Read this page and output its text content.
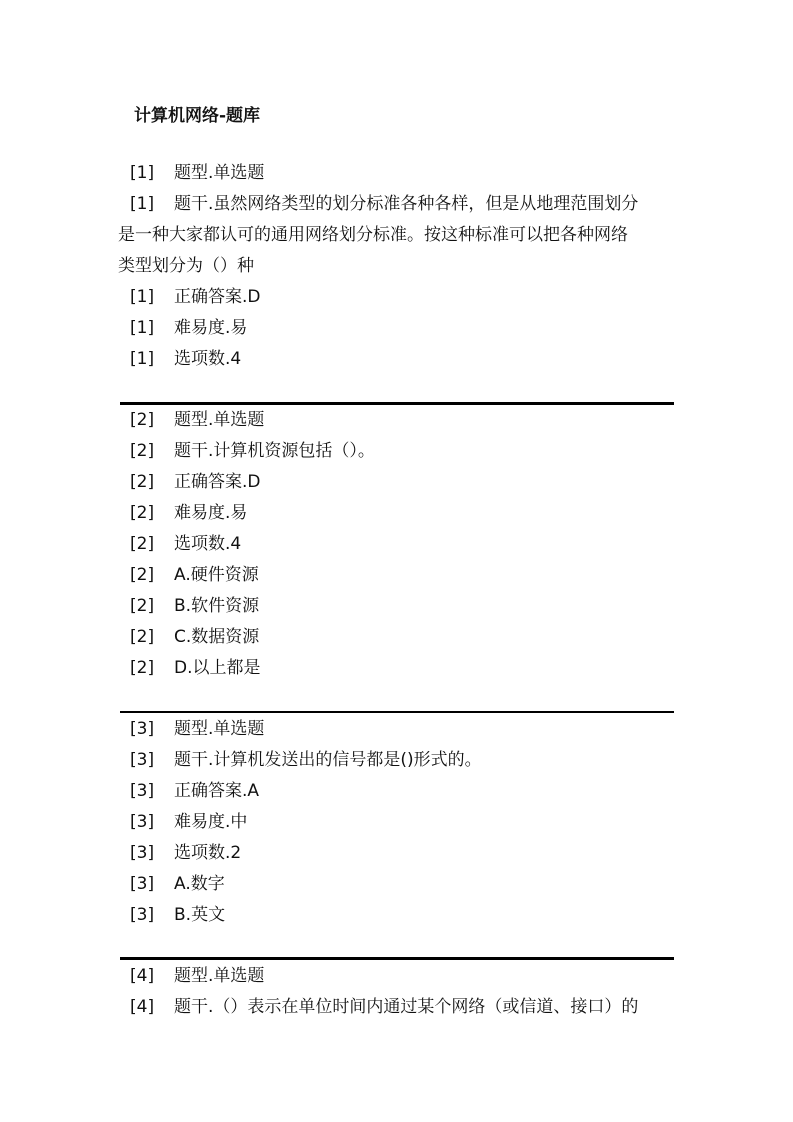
计算机网络-题库
[1] 题型.单选题
[1] 题干.虽然网络类型的划分标准各种各样，但是从地理范围划分
是一种大家都认可的通用网络划分标准。按这种标准可以把各种网络
类型划分为（）种
[1] 正确答案.D
[1] 难易度.易
[1] 选项数.4
[2] 题型.单选题
[2] 题干.计算机资源包括（）。
[2] 正确答案.D
[2] 难易度.易
[2] 选项数.4
[2] A.硬件资源
[2] B.软件资源
[2] C.数据资源
[2] D.以上都是
[3] 题型.单选题
[3] 题干.计算机发送出的信号都是()形式的。
[3] 正确答案.A
[3] 难易度.中
[3] 选项数.2
[3] A.数字
[3] B.英文
[4] 题型.单选题
[4] 题干.（）表示在单位时间内通过某个网络（或信道、接口）的
